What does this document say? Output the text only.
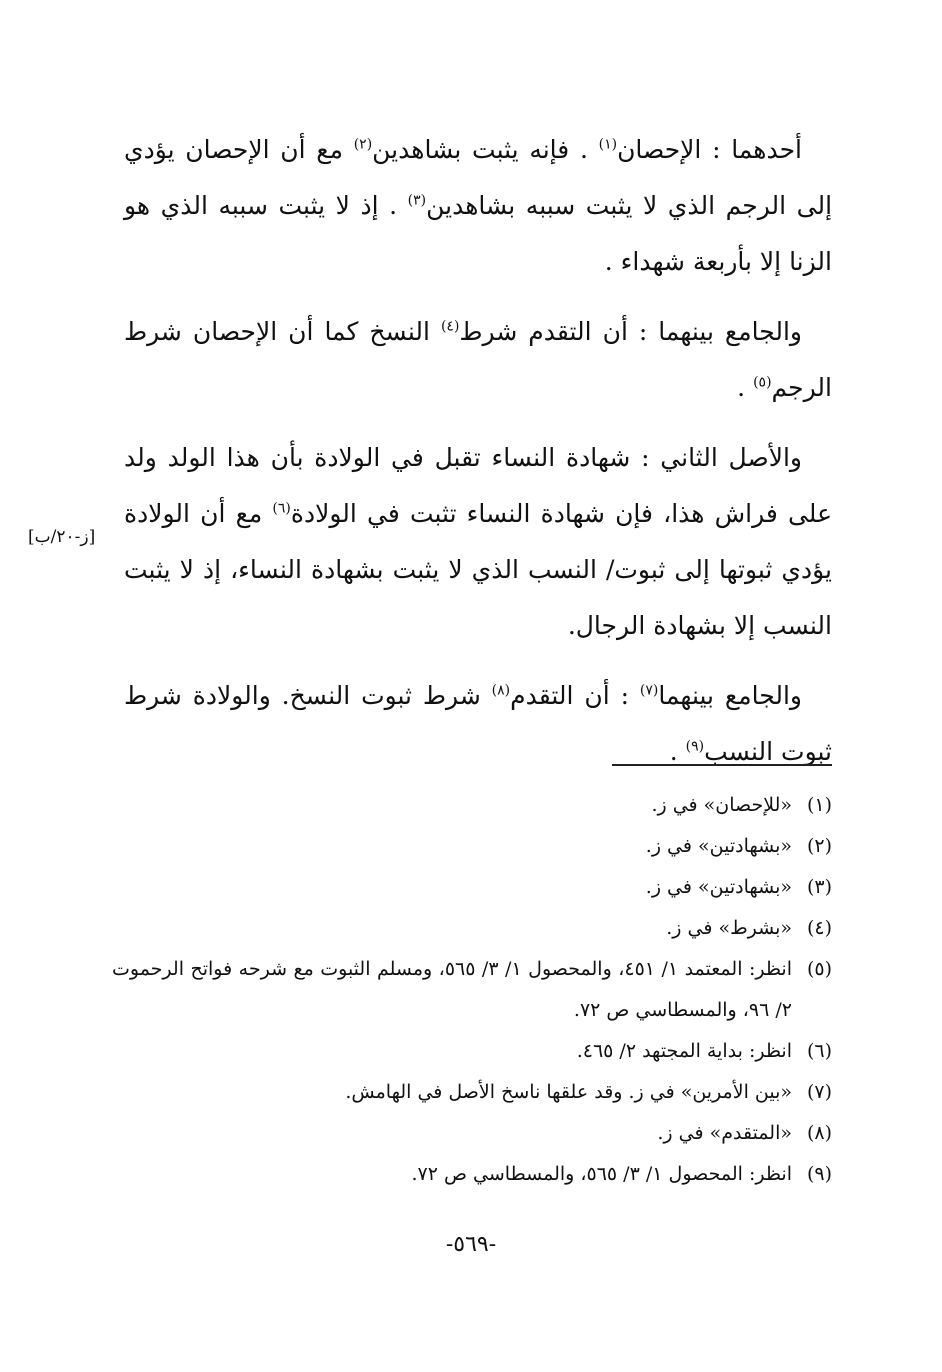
أحدهما : الإحصان$^{(١)}$ . فإنه يثبت بشاهدين$^{(٢)}$ مع أن الإحصان يؤدي إلى الرجم الذي لا يثبت سببه بشاهدين$^{(٣)}$ . إذ لا يثبت سببه الذي هو الزنا إلا بأربعة شهداء .

والجامع بينهما : أن التقدم شرط$^{(٤)}$ النسخ كما أن الإحصان شرط الرجم$^{(٥)}$ .

والأصل الثاني : شهادة النساء تقبل في الولادة بأن هذا الولد ولد على فراش هذا، فإن شهادة النساء تثبت في الولادة$^{(٦)}$ مع أن الولادة يؤدي ثبوتها إلى ثبوت/ النسب الذي لا يثبت بشهادة النساء، إذ لا يثبت النسب إلا بشهادة الرجال.

والجامع بينهما$^{(٧)}$ : أن التقدم$^{(٨)}$ شرط ثبوت النسخ. والولادة شرط ثبوت النسب$^{(٩)}$ .

[ز-٢٠/ب]
(١)
«للإحصان» في ز.
(٢)
«بشهادتين» في ز.
(٣)
«بشهادتين» في ز.
(٤)
«بشرط» في ز.
(٥)
انظر: المعتمد ١/ ٤٥١، والمحصول ١/ ٣/ ٥٦٥، ومسلم الثبوت مع شرحه فواتح الرحموت ٢/ ٩٦، والمسطاسي ص ٧٢.
(٦)
انظر: بداية المجتهد ٢/ ٤٦٥.
(٧)
«بين الأمرين» في ز. وقد علقها ناسخ الأصل في الهامش.
(٨)
«المتقدم» في ز.
(٩)
انظر: المحصول ١/ ٣/ ٥٦٥، والمسطاسي ص ٧٢.
-٥٦٩-
